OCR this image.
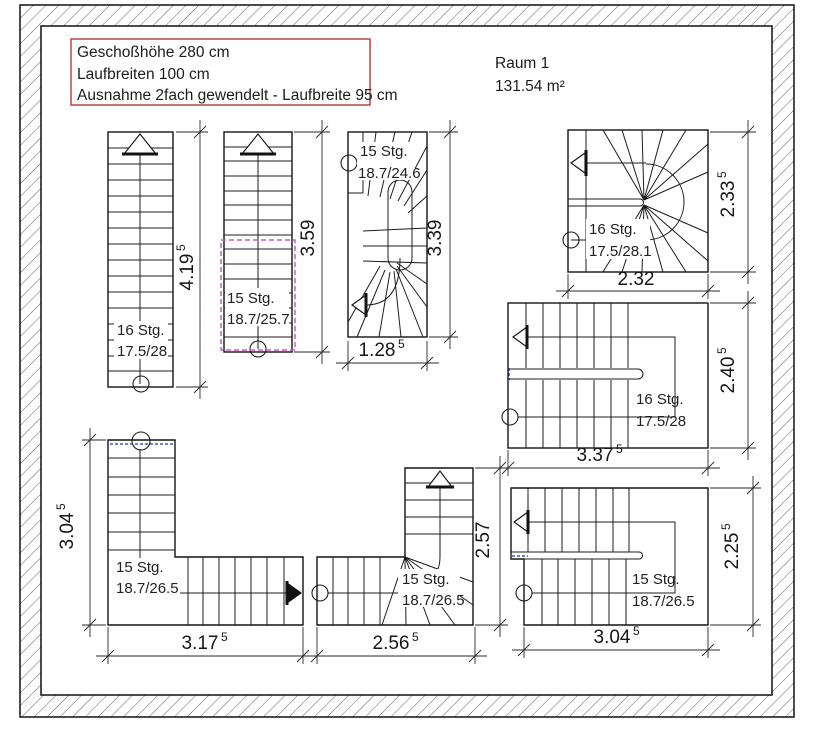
Geschoßhöhe 280 cm
Laufbreiten 100 cm
Ausnahme 2fach gewendelt - Laufbreite 95 cm
Raum 1
131.54 m²
16 Stg.
17.5/28
15 Stg.
18.7/25.7
15 Stg.
18.7/24.6
16 Stg.
17.5/28.1
16 Stg.
17.5/28
15 Stg.
18.7/26.5
15 Stg.
18.7/26.5
15 Stg.
18.7/26.5
4.19
5	3.59	3.39
1.28 5
2.32
2.33
5
3.37 5
2.40
5
3.04 5
2.25
5
3.04
5
3.17 5	2.56 5
2.57
